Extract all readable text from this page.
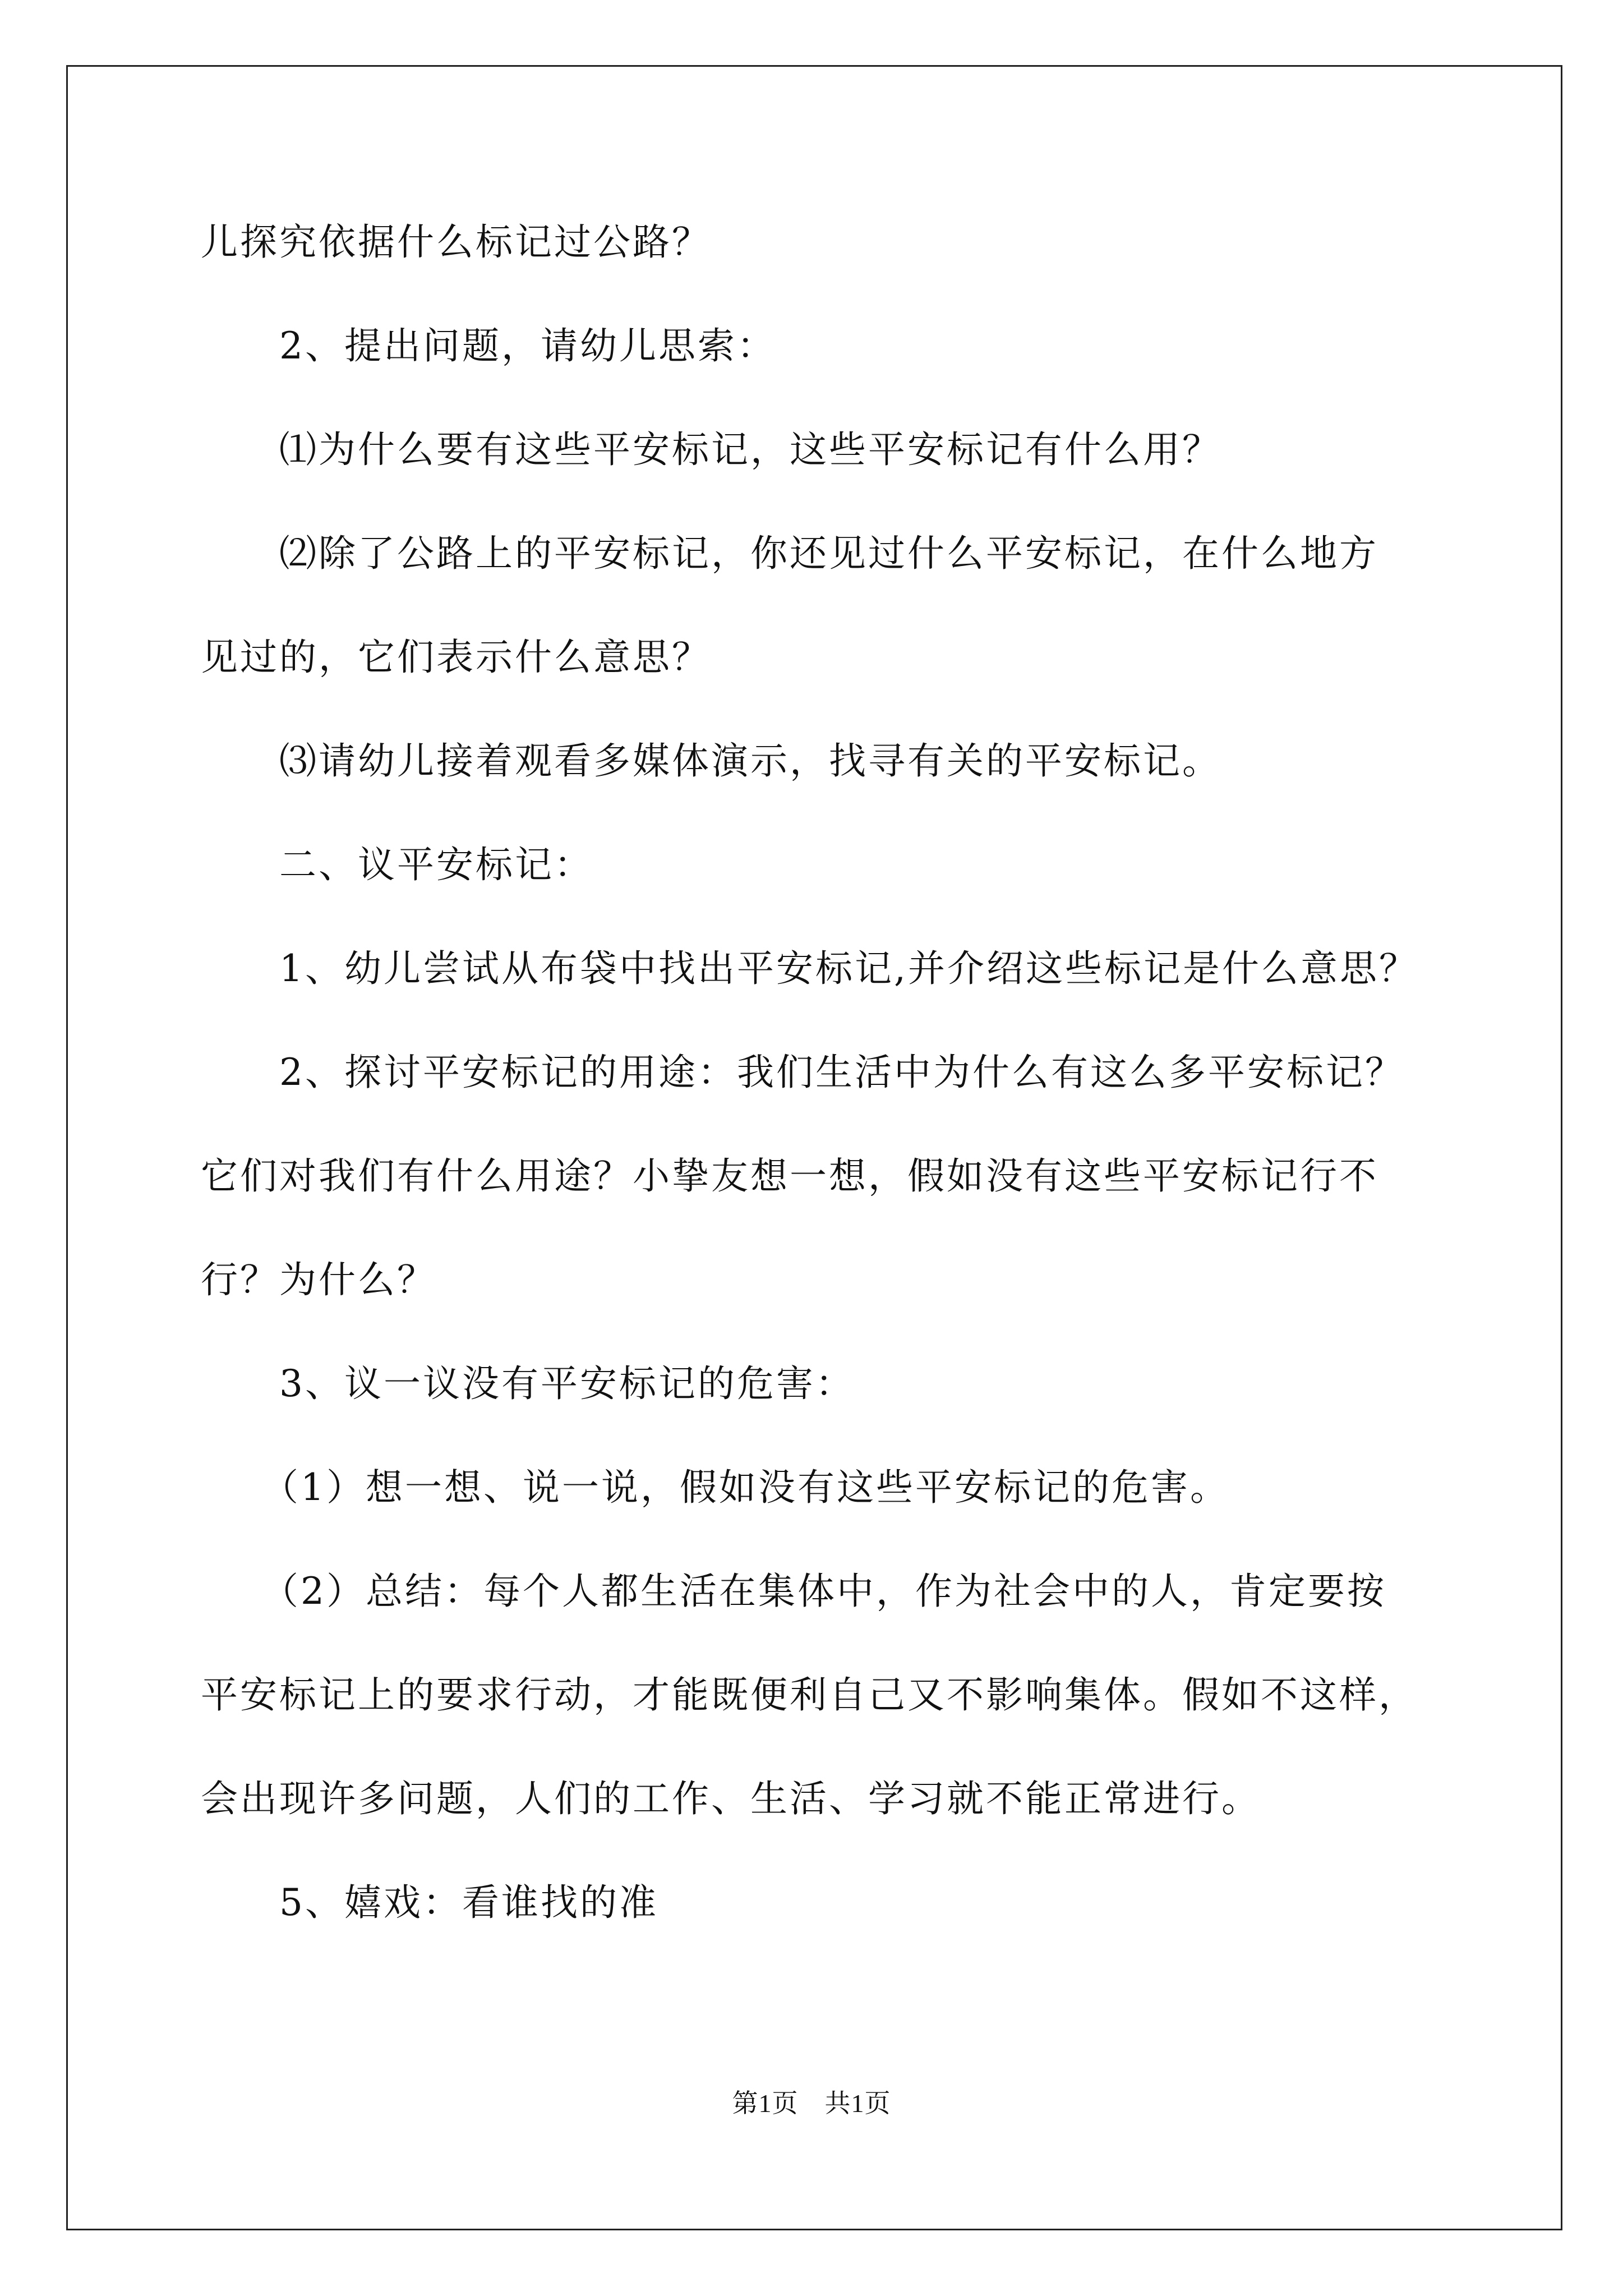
儿探究依据什么标记过公路？
2、提出问题，请幼儿思索：
⑴为什么要有这些平安标记，这些平安标记有什么用？
⑵除了公路上的平安标记，你还见过什么平安标记，在什么地方
见过的，它们表示什么意思？
⑶请幼儿接着观看多媒体演示，找寻有关的平安标记。
二、议平安标记：
1、幼儿尝试从布袋中找出平安标记,并介绍这些标记是什么意思？
2、探讨平安标记的用途：我们生活中为什么有这么多平安标记？
它们对我们有什么用途？小挚友想一想，假如没有这些平安标记行不
行？为什么？
3、议一议没有平安标记的危害：
（1）想一想、说一说，假如没有这些平安标记的危害。
（2）总结：每个人都生活在集体中，作为社会中的人，肯定要按
平安标记上的要求行动，才能既便利自己又不影响集体。假如不这样，
会出现许多问题，人们的工作、生活、学习就不能正常进行。
5、嬉戏：看谁找的准
第1页　共1页
